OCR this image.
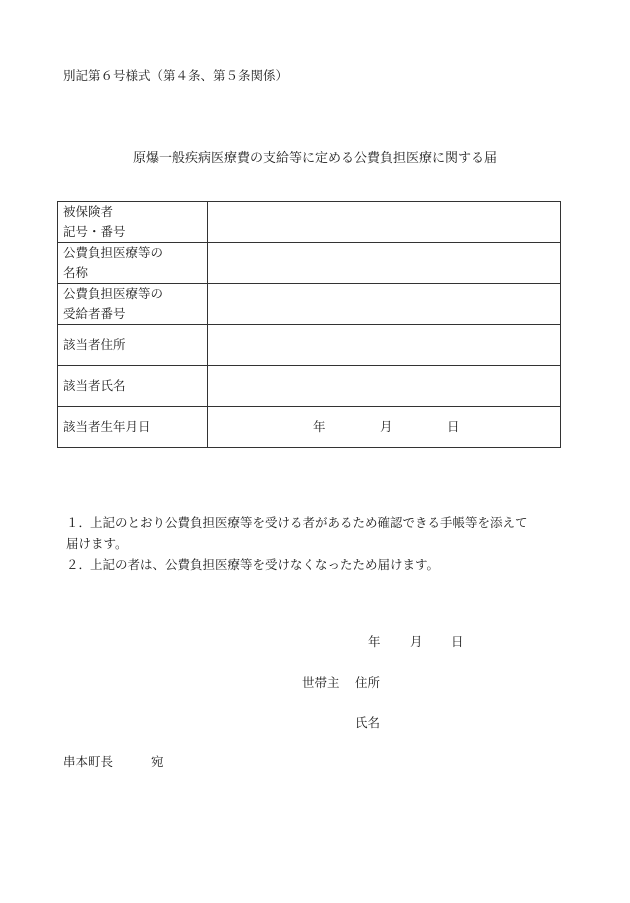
別記第６号様式（第４条、第５条関係）
原爆一般疾病医療費の支給等に定める公費負担医療に関する届
被保険者
記号・番号	

公費負担医療等の
名称	

公費負担医療等の
受給者番号	

該当者住所	
該当者氏名	
該当者生年月日	年 月 日
１．
上記のとおり公費負担医療等を受ける者があるため確認できる手帳等を添えて
届けます。
２．
上記の者は、公費負担医療等を受けなくなったため届けます。
年 月 日
世帯主 住所
氏名
串本町長	宛
